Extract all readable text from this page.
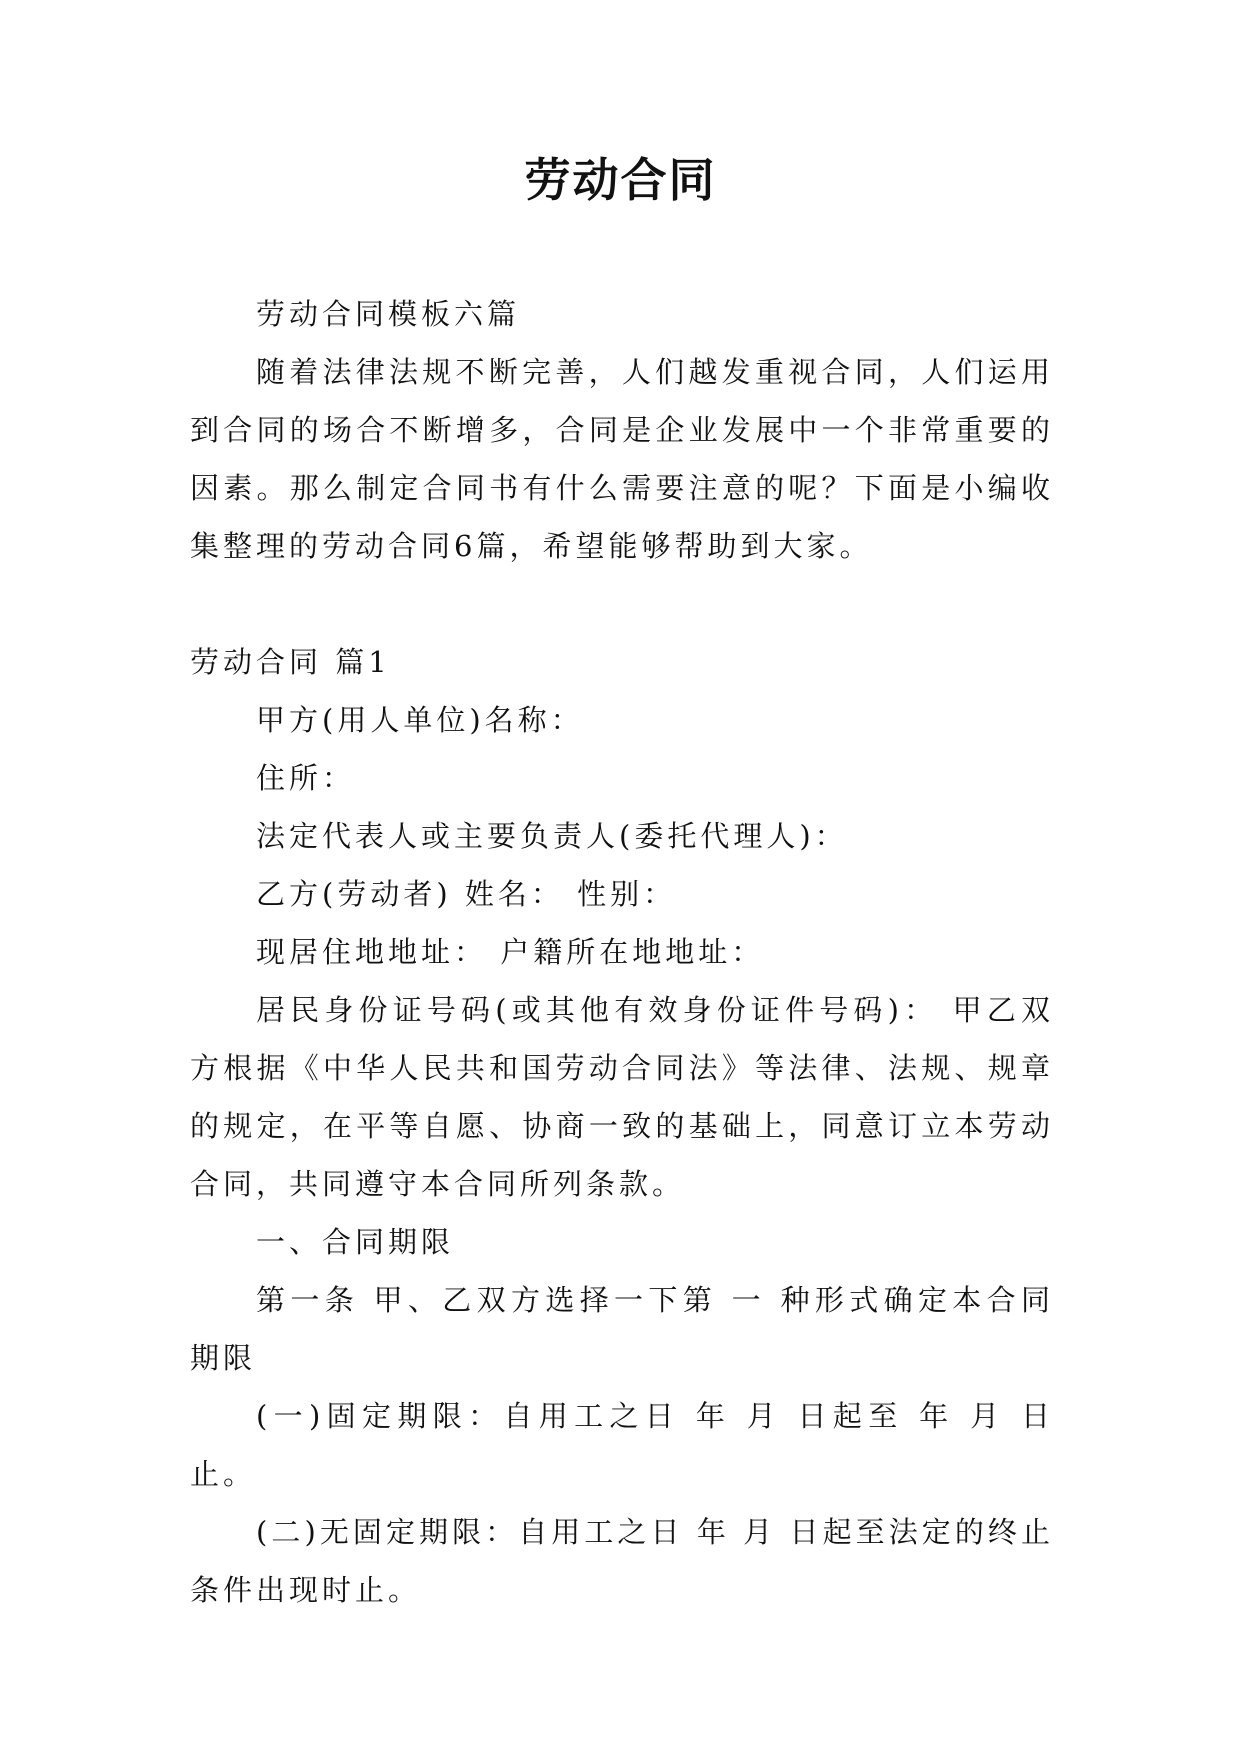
劳动合同

劳动合同模板六篇

随着法律法规不断完善，人们越发重视合同，人们运用到合同的场合不断增多，合同是企业发展中一个非常重要的因素。那么制定合同书有什么需要注意的呢？下面是小编收集整理的劳动合同6篇，希望能够帮助到大家。

劳动合同 篇1

甲方(用人单位)名称：

住所：

法定代表人或主要负责人(委托代理人)：

乙方(劳动者) 姓名： 性别：

现居住地地址： 户籍所在地地址：

居民身份证号码(或其他有效身份证件号码)： 甲乙双方根据《中华人民共和国劳动合同法》等法律、法规、规章的规定，在平等自愿、协商一致的基础上，同意订立本劳动合同，共同遵守本合同所列条款。

一、合同期限

第一条 甲、乙双方选择一下第 一 种形式确定本合同期限

(一)固定期限：自用工之日 年 月 日起至 年 月 日止。

(二)无固定期限：自用工之日 年 月 日起至法定的终止条件出现时止。
